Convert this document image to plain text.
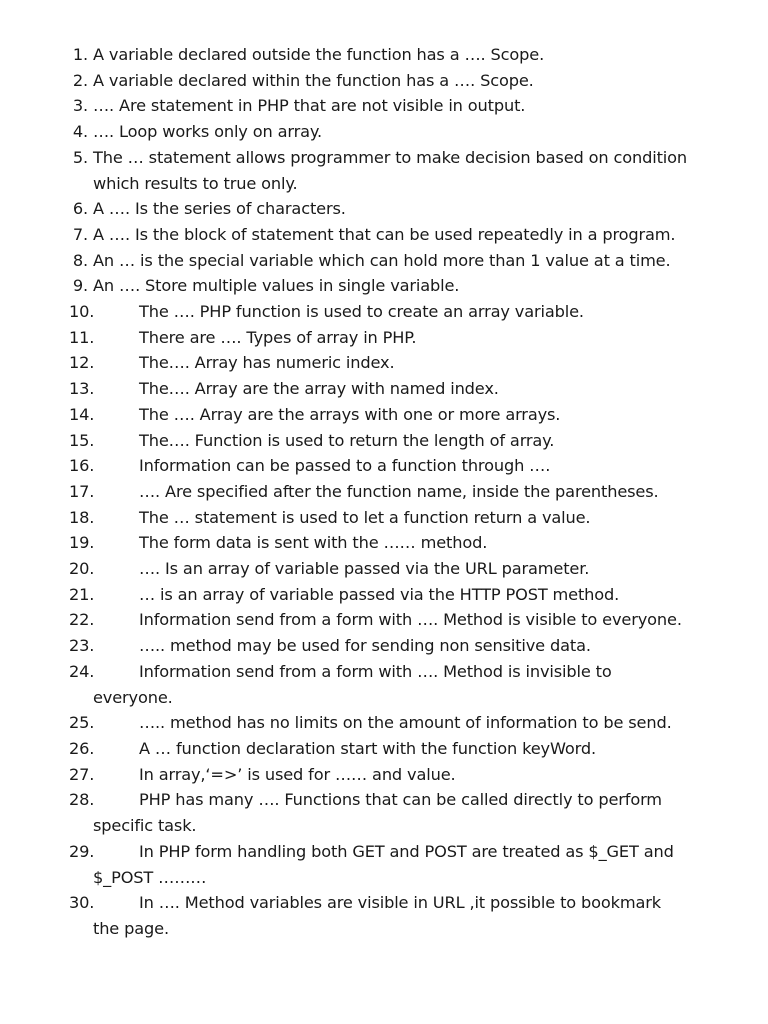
1. A variable declared outside the function has a …. Scope.
2. A variable declared within the function has a …. Scope.
3. …. Are statement in PHP that are not visible in output.
4. …. Loop works only on array.
5. The … statement allows programmer to make decision based on condition
which results to true only.
6. A …. Is the series of characters.
7. A …. Is the block of statement that can be used repeatedly in a program.
8. An … is the special variable which can hold more than 1 value at a time.
9. An …. Store multiple values in single variable.
10.	The …. PHP function is used to create an array variable.
11.	There are …. Types of array in PHP.
12.	The…. Array has numeric index.
13.	The…. Array are the array with named index.
14.	The …. Array are the arrays with one or more arrays.
15.	The…. Function is used to return the length of array.
16.	Information can be passed to a function through ….
17.	…. Are specified after the function name, inside the parentheses.
18.	The … statement is used to let a function return a value.
19.	The form data is sent with the …… method.
20.	…. Is an array of variable passed via the URL parameter.
21.	… is an array of variable passed via the HTTP POST method.
22.	Information send from a form with …. Method is visible to everyone.
23.	….. method may be used for sending non sensitive data.
24.	Information send from a form with …. Method is invisible to
everyone.
25.	….. method has no limits on the amount of information to be send.
26.	A … function declaration start with the function keyWord.
27.	In array,‘=>’ is used for …… and value.
28.	PHP has many …. Functions that can be called directly to perform
specific task.
29.	In PHP form handling both GET and POST are treated as $_GET and
$_POST ………
30.	In …. Method variables are visible in URL ,it possible to bookmark
the page.
